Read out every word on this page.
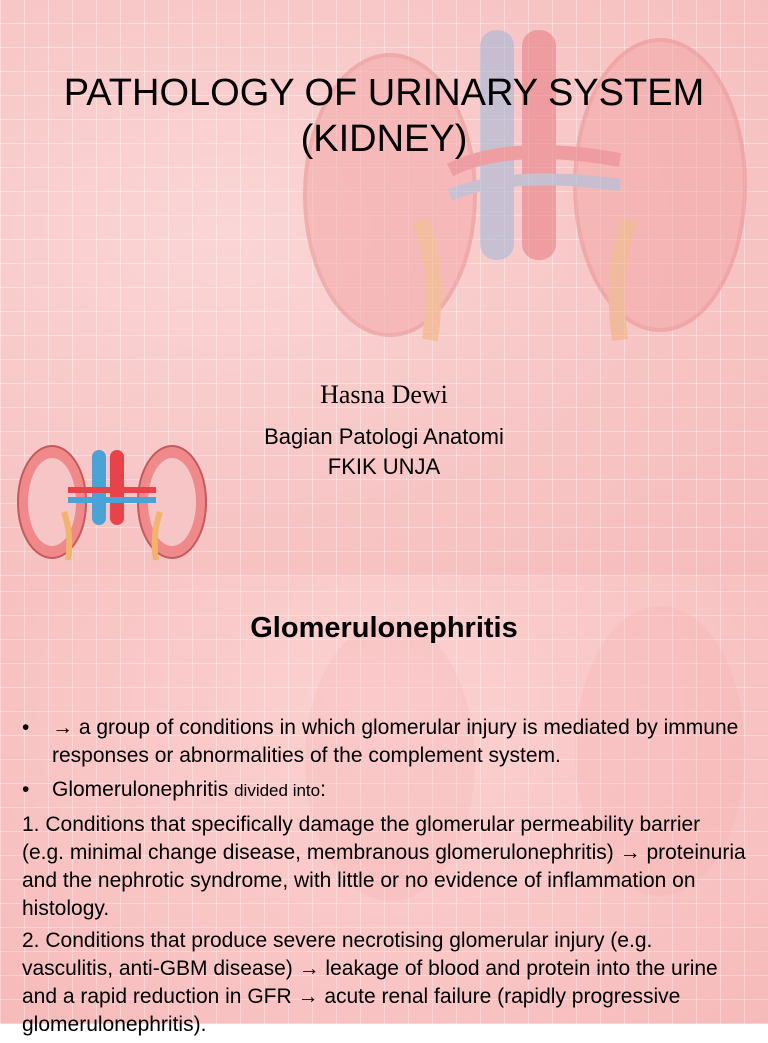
PATHOLOGY OF URINARY SYSTEM
(KIDNEY)
Hasna Dewi
Bagian Patologi Anatomi
FKIK UNJA
Glomerulonephritis
•	→ a group of conditions in which glomerular injury is mediated by immune responses or abnormalities of the complement system.
•	Glomerulonephritis divided into:
1. Conditions that specifically damage the glomerular permeability barrier (e.g. minimal change disease, membranous glomerulonephritis) → proteinuria and the nephrotic syndrome, with little or no evidence of inflammation on histology.
2. Conditions that produce severe necrotising glomerular injury (e.g. vasculitis, anti-GBM disease) → leakage of blood and protein into the urine and a rapid reduction in GFR → acute renal failure (rapidly progressive glomerulonephritis).
